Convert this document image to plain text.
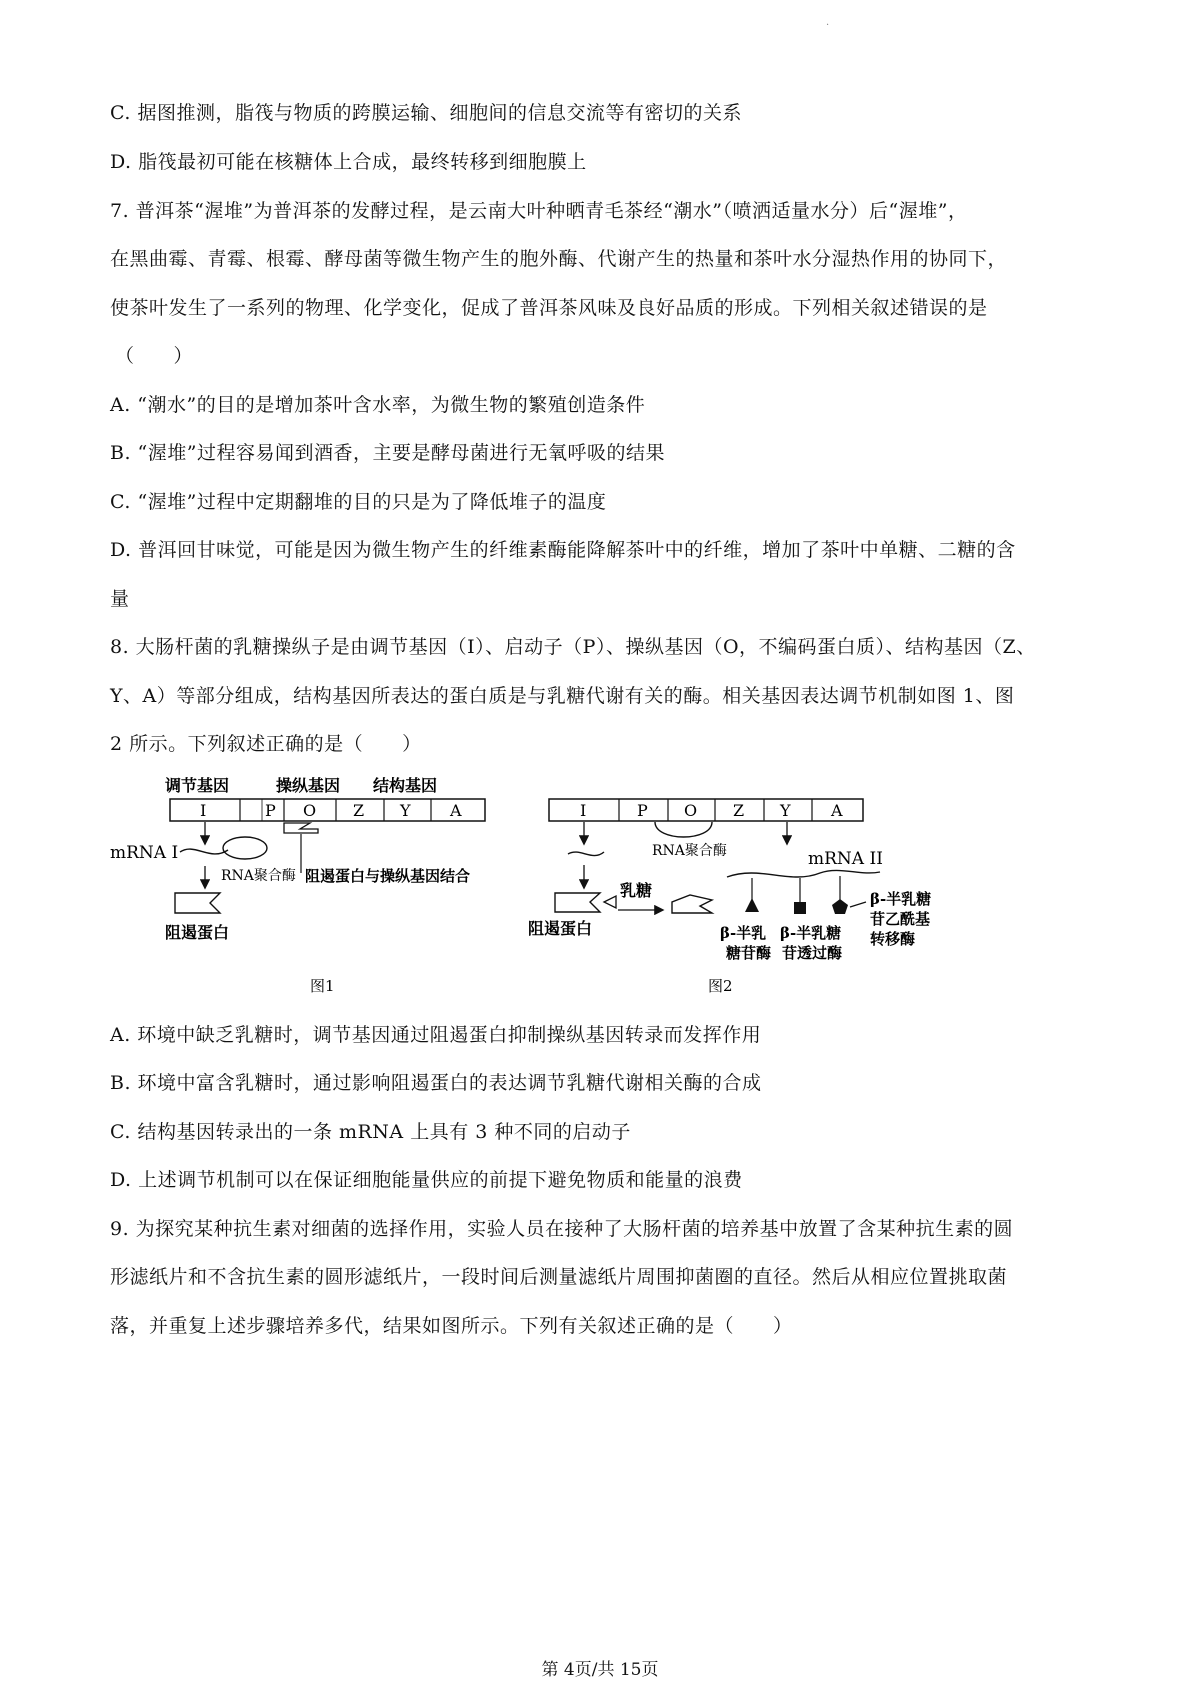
·
C. 据图推测，脂筏与物质的跨膜运输、细胞间的信息交流等有密切的关系
D. 脂筏最初可能在核糖体上合成，最终转移到细胞膜上
7. 普洱茶“渥堆”为普洱茶的发酵过程，是云南大叶种晒青毛茶经“潮水”（喷洒适量水分）后“渥堆”，
在黑曲霉、青霉、根霉、酵母菌等微生物产生的胞外酶、代谢产生的热量和茶叶水分湿热作用的协同下，
使茶叶发生了一系列的物理、化学变化，促成了普洱茶风味及良好品质的形成。下列相关叙述错误的是
（　　）
A. “潮水”的目的是增加茶叶含水率，为微生物的繁殖创造条件
B. “渥堆”过程容易闻到酒香，主要是酵母菌进行无氧呼吸的结果
C. “渥堆”过程中定期翻堆的目的只是为了降低堆子的温度
D. 普洱回甘味觉，可能是因为微生物产生的纤维素酶能降解茶叶中的纤维，增加了茶叶中单糖、二糖的含
量
8. 大肠杆菌的乳糖操纵子是由调节基因（I）、启动子（P）、操纵基因（O，不编码蛋白质）、结构基因（Z、
Y、A）等部分组成，结构基因所表达的蛋白质是与乳糖代谢有关的酶。相关基因表达调节机制如图 1、图
2 所示。下列叙述正确的是（　　）
调节基因	操纵基因 结构基因
I	P O Z Y A
mRNA I
RNA聚合酶 阻遏蛋白与操纵基因结合
阻遏蛋白
图1
I	P O Z Y	A
RNA聚合酶	mRNA II
乳糖
阻遏蛋白	β-半乳
糖苷酶
β-半乳糖
苷透过酶
β-半乳糖
苷乙酰基
转移酶
图2
A. 环境中缺乏乳糖时，调节基因通过阻遏蛋白抑制操纵基因转录而发挥作用
B. 环境中富含乳糖时，通过影响阻遏蛋白的表达调节乳糖代谢相关酶的合成
C. 结构基因转录出的一条 mRNA 上具有 3 种不同的启动子
D. 上述调节机制可以在保证细胞能量供应的前提下避免物质和能量的浪费
9. 为探究某种抗生素对细菌的选择作用，实验人员在接种了大肠杆菌的培养基中放置了含某种抗生素的圆
形滤纸片和不含抗生素的圆形滤纸片，一段时间后测量滤纸片周围抑菌圈的直径。然后从相应位置挑取菌
落，并重复上述步骤培养多代，结果如图所示。下列有关叙述正确的是（　　）
第 4页/共 15页
